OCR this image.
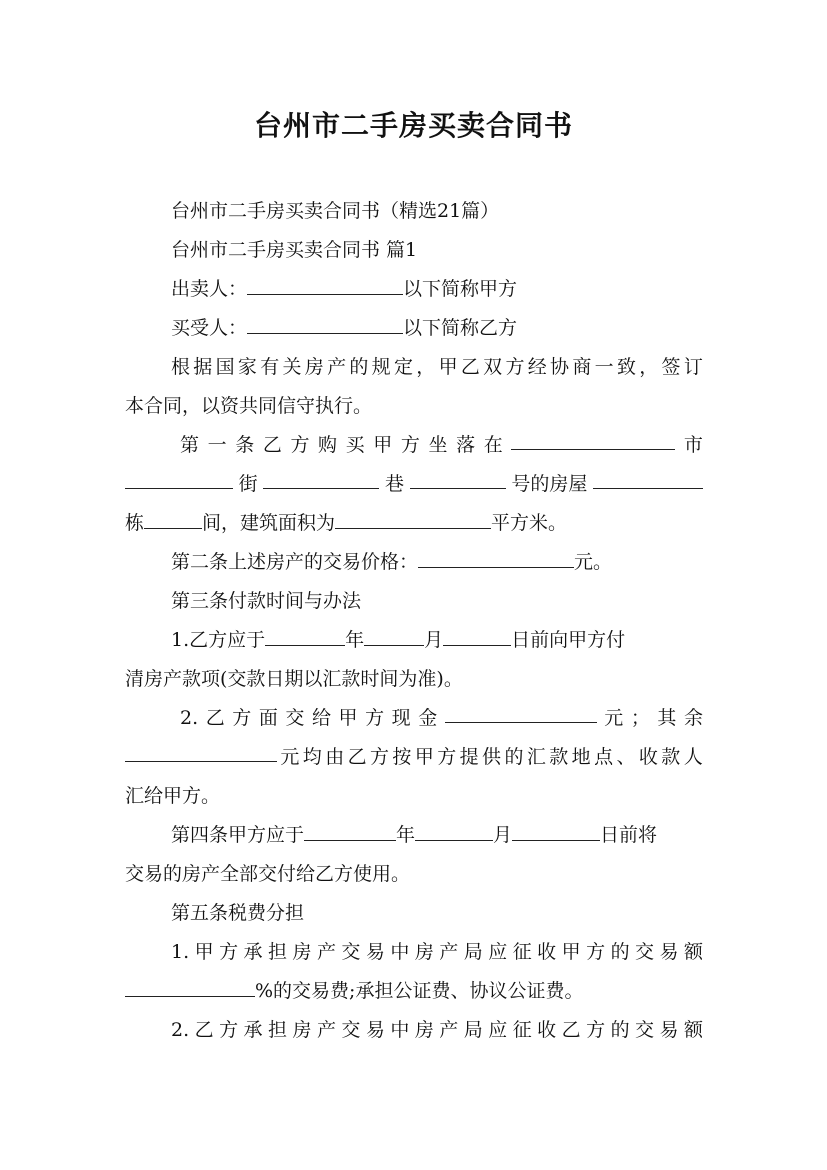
台州市二手房买卖合同书
台州市二手房买卖合同书（精选21篇）
台州市二手房买卖合同书 篇1
出卖人：	以下简称甲方
买受人：	以下简称乙方
根 据 国 家 有 关 房 产 的 规 定 ， 甲 乙 双 方 经 协 商 一 致 ， 签 订
本合同，以资共同信守执行。
第 一 条 乙 方 购 买 甲 方 坐 落 在	市
街	巷	号的房屋
栋	间，建筑面积为	平方米。
第二条上述房产的交易价格：	元。
第三条付款时间与办法
1.乙方应于	年	月	日前向甲方付
清房产款项(交款日期以汇款时间为准)。
2. 乙 方 面 交 给 甲 方 现 金	元 ； 其 余
元 均 由 乙 方 按 甲 方 提 供 的 汇 款 地 点 、 收 款 人
汇给甲方。
第四条甲方应于	年	月	日前将
交易的房产全部交付给乙方使用。
第五条税费分担
1. 甲 方 承 担 房 产 交 易 中 房 产 局 应 征 收 甲 方 的 交 易 额
%的交易费;承担公证费、协议公证费。
2. 乙 方 承 担 房 产 交 易 中 房 产 局 应 征 收 乙 方 的 交 易 额
